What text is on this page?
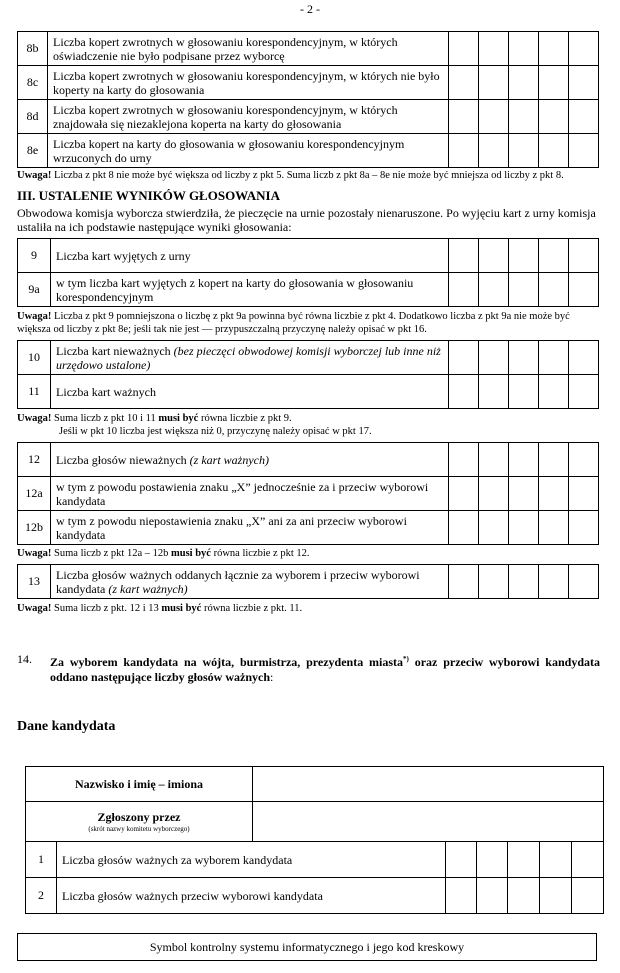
- 2 -
8b	Liczba kopert zwrotnych w głosowaniu korespondencyjnym, w których oświadczenie nie było podpisane przez wyborcę					
8c	Liczba kopert zwrotnych w głosowaniu korespondencyjnym, w których nie było koperty na karty do głosowania					
8d	Liczba kopert zwrotnych w głosowaniu korespondencyjnym, w których znajdowała się niezaklejona koperta na karty do głosowania					
8e	Liczba kopert na karty do głosowania w głosowaniu korespondencyjnym wrzuconych do urny					
Uwaga! Liczba z pkt 8 nie może być większa od liczby z pkt 5. Suma liczb z pkt 8a – 8e nie może być mniejsza od liczby z pkt 8.
III. USTALENIE WYNIKÓW GŁOSOWANIA
Obwodowa komisja wyborcza stwierdziła, że pieczęcie na urnie pozostały nienaruszone. Po wyjęciu kart z urny komisja ustaliła na ich podstawie następujące wyniki głosowania:
9	Liczba kart wyjętych z urny					
9a	w tym liczba kart wyjętych z kopert na karty do głosowania w głosowaniu korespondencyjnym					
Uwaga! Liczba z pkt 9 pomniejszona o liczbę z pkt 9a powinna być równa liczbie z pkt 4. Dodatkowo liczba z pkt 9a nie może być większa od liczby z pkt 8e; jeśli tak nie jest — przypuszczalną przyczynę należy opisać w pkt 16.
10	Liczba kart nieważnych (bez pieczęci obwodowej komisji wyborczej lub inne niż urzędowo ustalone)					
11	Liczba kart ważnych					
Uwaga! Suma liczb z pkt 10 i 11 musi być równa liczbie z pkt 9.
Jeśli w pkt 10 liczba jest większa niż 0, przyczynę należy opisać w pkt 17.
12	Liczba głosów nieważnych (z kart ważnych)					
12a	w tym z powodu postawienia znaku „X” jednocześnie za i przeciw wyborowi kandydata					
12b	w tym z powodu niepostawienia znaku „X” ani za ani przeciw wyborowi kandydata					
Uwaga! Suma liczb z pkt 12a – 12b musi być równa liczbie z pkt 12.
13	Liczba głosów ważnych oddanych łącznie za wyborem i przeciw wyborowi kandydata (z kart ważnych)					
Uwaga! Suma liczb z pkt. 12 i 13 musi być równa liczbie z pkt. 11.
14. Za wyborem kandydata na wójta, burmistrza, prezydenta miasta*) oraz przeciw wyborowi kandydata oddano następujące liczby głosów ważnych:
Dane kandydata
Nazwisko i imię – imiona							

Zgłoszony przez
(skrót nazwy komitetu wyborczego)							

1	Liczba głosów ważnych za wyborem kandydata						
2	Liczba głosów ważnych przeciw wyborowi kandydata						
Symbol kontrolny systemu informatycznego i jego kod kreskowy
